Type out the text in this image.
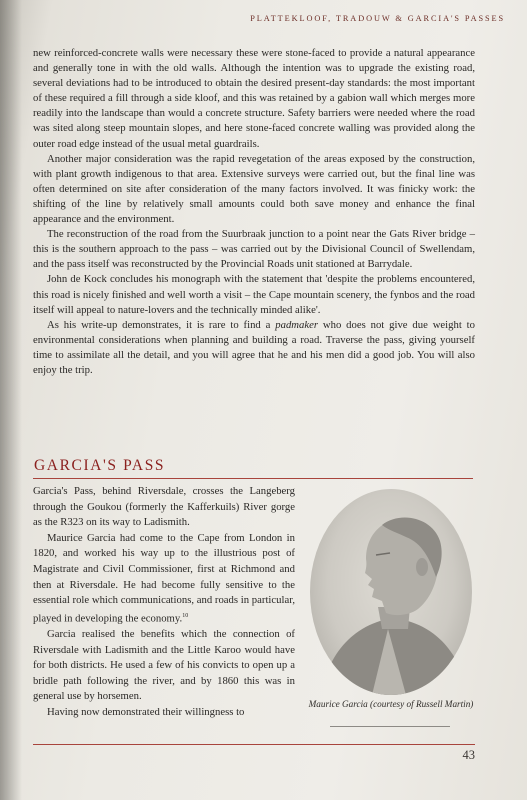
PLATTEKLOOF, TRADOUW & GARCIA'S PASSES

new reinforced-concrete walls were necessary these were stone-faced to provide a natural appearance and generally tone in with the old walls. Although the intention was to upgrade the existing road, several deviations had to be introduced to obtain the desired present-day standards: the most important of these required a fill through a side kloof, and this was retained by a gabion wall which merges more readily into the landscape than would a concrete structure. Safety barriers were needed where the road was sited along steep mountain slopes, and here stone-faced concrete walling was provided along the outer road edge instead of the usual metal guardrails.

Another major consideration was the rapid revegetation of the areas exposed by the construction, with plant growth indigenous to that area. Extensive surveys were carried out, but the final line was often determined on site after consideration of the many factors involved. It was finicky work: the shifting of the line by relatively small amounts could both save money and enhance the final appearance and the environment.

The reconstruction of the road from the Suurbraak junction to a point near the Gats River bridge – this is the southern approach to the pass – was carried out by the Divisional Council of Swellendam, and the pass itself was reconstructed by the Provincial Roads unit stationed at Barrydale.

John de Kock concludes his monograph with the statement that 'despite the problems encountered, this road is nicely finished and well worth a visit – the Cape mountain scenery, the fynbos and the road itself will appeal to nature-lovers and the technically minded alike'.

As his write-up demonstrates, it is rare to find a padmaker who does not give due weight to environmental considerations when planning and building a road. Traverse the pass, giving yourself time to assimilate all the detail, and you will agree that he and his men did a good job. You will also enjoy the trip.

GARCIA'S PASS

Garcia's Pass, behind Riversdale, crosses the Langeberg through the Goukou (formerly the Kafferkuils) River gorge as the R323 on its way to Ladismith.

Maurice Garcia had come to the Cape from London in 1820, and worked his way up to the illustrious post of Magistrate and Civil Commissioner, first at Richmond and then at Riversdale. He had become fully sensitive to the essential role which communications, and roads in particular, played in developing the economy.$^{10}$

Garcia realised the benefits which the connection of Riversdale with Ladismith and the Little Karoo would have for both districts. He used a few of his convicts to open up a bridle path following the river, and by 1860 this was in general use by horsemen.

Having now demonstrated their willingness to

Maurice Garcia (courtesy of Russell Martin)
43
